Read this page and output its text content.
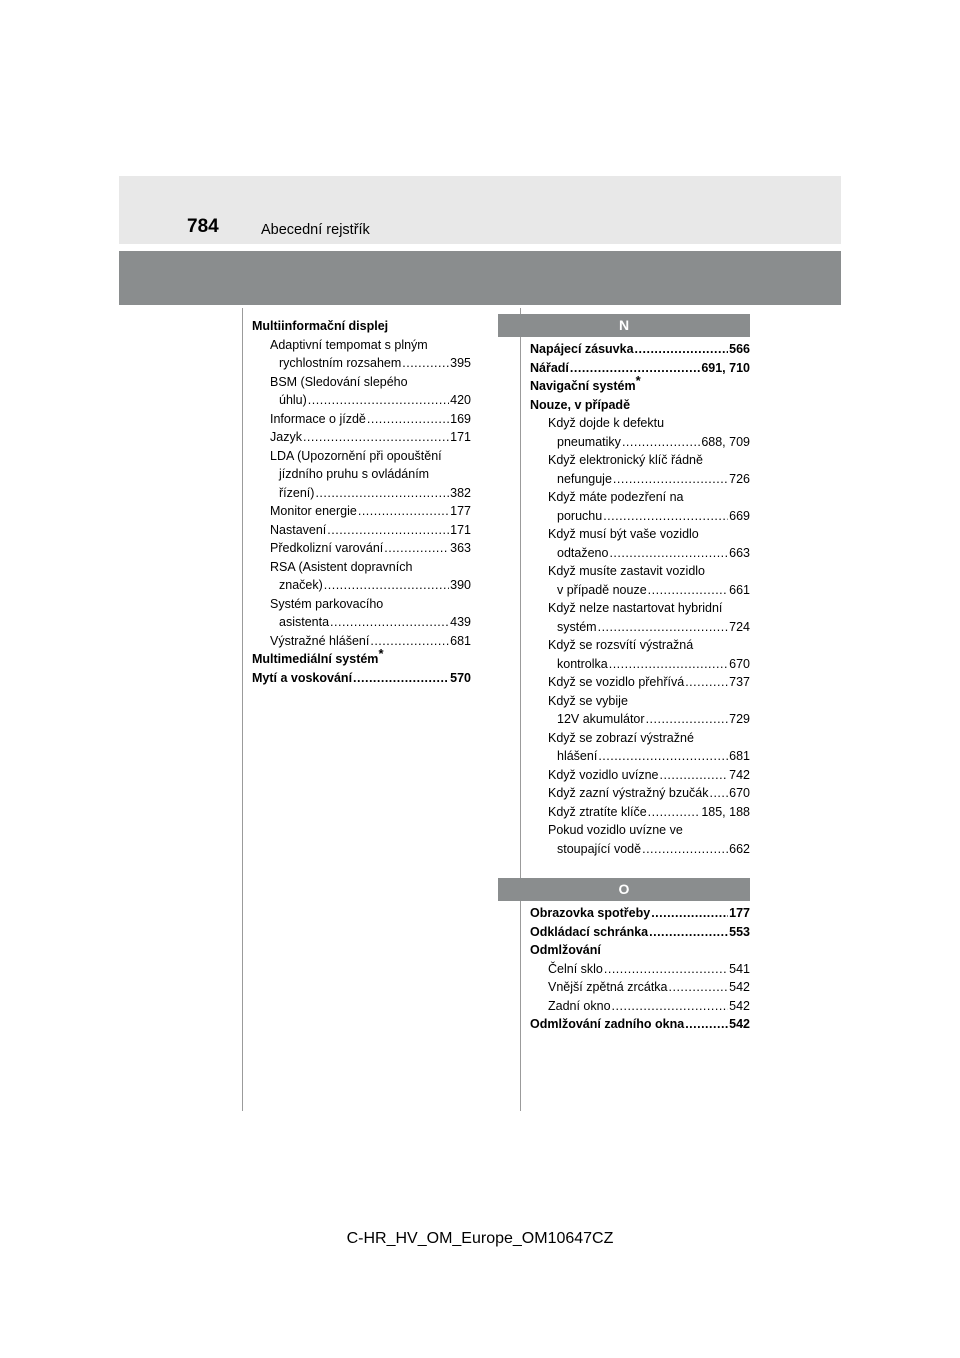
784	Abecední rejstřík
Multiinformační displej
Adaptivní tempomat s plným
rychlostním rozsahem .....	395
BSM (Sledování slepého
úhlu) .....	420
Informace o jízdě .....	169
Jazyk .....	171
LDA (Upozornění při opouštění
jízdního pruhu s ovládáním
řízení) .....	382
Monitor energie .....	177
Nastavení .....	171
Předkolizní varování .....	363
RSA (Asistent dopravních
značek) .....	390
Systém parkovacího
asistenta .....	439
Výstražné hlášení .....	681
Multimediální systém*
Mytí a voskování .....	570
N
Napájecí zásuvka .....	566
Nářadí .....	691, 710
Navigační systém*
Nouze, v případě
Když dojde k defektu
pneumatiky .....	688, 709
Když elektronický klíč řádně
nefunguje .....	726
Když máte podezření na
poruchu .....	669
Když musí být vaše vozidlo
odtaženo .....	663
Když musíte zastavit vozidlo
v případě nouze .....	661
Když nelze nastartovat hybridní
systém .....	724
Když se rozsvítí výstražná
kontrolka .....	670
Když se vozidlo přehřívá .....	737
Když se vybije
12V akumulátor .....	729
Když se zobrazí výstražné
hlášení .....	681
Když vozidlo uvízne .....	742
Když zazní výstražný bzučák ..... 670
Když ztratíte klíče .....	185, 188
Pokud vozidlo uvízne ve
stoupající vodě .....	662
O
Obrazovka spotřeby .....	177
Odkládací schránka .....	553
Odmlžování
Čelní sklo .....	541
Vnější zpětná zrcátka .....	542
Zadní okno .....	542
Odmlžování zadního okna .....	542
C-HR_HV_OM_Europe_OM10647CZ
